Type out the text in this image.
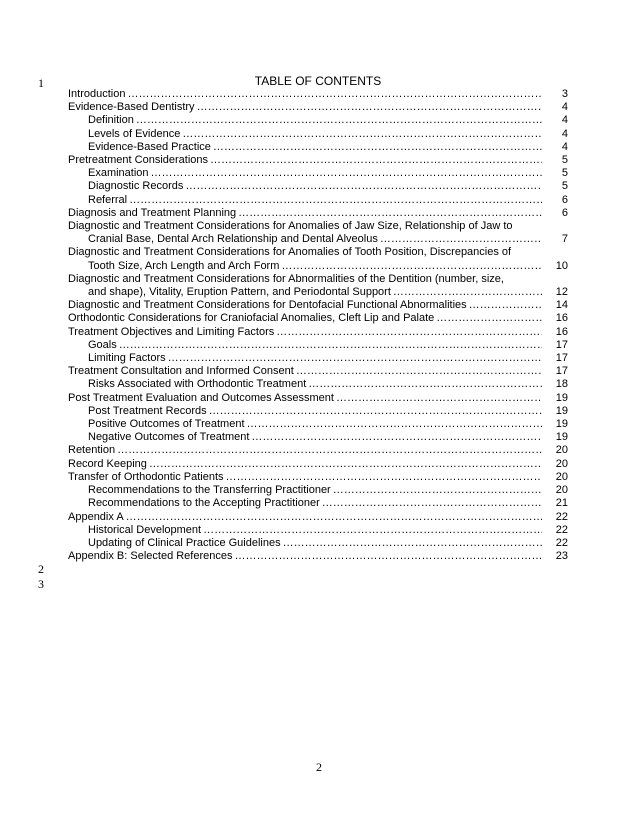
1
2
3
TABLE OF CONTENTS
Introduction ……………………………………………………………………………………………………………………………………………………	3
Evidence-Based Dentistry ……………………………………………………………………………………………………………………………………………………	4
Definition ……………………………………………………………………………………………………………………………………………………	4
Levels of Evidence ……………………………………………………………………………………………………………………………………………………	4
Evidence-Based Practice ……………………………………………………………………………………………………………………………………………………	4
Pretreatment Considerations ……………………………………………………………………………………………………………………………………………………	5
Examination ……………………………………………………………………………………………………………………………………………………	5
Diagnostic Records ……………………………………………………………………………………………………………………………………………………	5
Referral ……………………………………………………………………………………………………………………………………………………	6
Diagnosis and Treatment Planning ……………………………………………………………………………………………………………………………………………………	6
Diagnostic and Treatment Considerations for Anomalies of Jaw Size, Relationship of Jaw to
Cranial Base, Dental Arch Relationship and Dental Alveolus ……………………………………………………………………………………………………………………………………………………	7
Diagnostic and Treatment Considerations for Anomalies of Tooth Position, Discrepancies of
Tooth Size, Arch Length and Arch Form ……………………………………………………………………………………………………………………………………………………	10
Diagnostic and Treatment Considerations for Abnormalities of the Dentition (number, size,
and shape), Vitality, Eruption Pattern, and Periodontal Support ……………………………………………………………………………………………………………………………………………………	12
Diagnostic and Treatment Considerations for Dentofacial Functional Abnormalities ……………………………………………………………………………………………………………………………………………………	14
Orthodontic Considerations for Craniofacial Anomalies, Cleft Lip and Palate ……………………………………………………………………………………………………………………………………………………	16
Treatment Objectives and Limiting Factors ……………………………………………………………………………………………………………………………………………………	16
Goals ……………………………………………………………………………………………………………………………………………………	17
Limiting Factors ……………………………………………………………………………………………………………………………………………………	17
Treatment Consultation and Informed Consent ……………………………………………………………………………………………………………………………………………………	17
Risks Associated with Orthodontic Treatment ……………………………………………………………………………………………………………………………………………………	18
Post Treatment Evaluation and Outcomes Assessment ……………………………………………………………………………………………………………………………………………………	19
Post Treatment Records ……………………………………………………………………………………………………………………………………………………	19
Positive Outcomes of Treatment ……………………………………………………………………………………………………………………………………………………	19
Negative Outcomes of Treatment ……………………………………………………………………………………………………………………………………………………	19
Retention ……………………………………………………………………………………………………………………………………………………	20
Record Keeping ……………………………………………………………………………………………………………………………………………………	20
Transfer of Orthodontic Patients ……………………………………………………………………………………………………………………………………………………	20
Recommendations to the Transferring Practitioner ……………………………………………………………………………………………………………………………………………………	20
Recommendations to the Accepting Practitioner ……………………………………………………………………………………………………………………………………………………	21
Appendix A ……………………………………………………………………………………………………………………………………………………	22
Historical Development ……………………………………………………………………………………………………………………………………………………	22
Updating of Clinical Practice Guidelines ……………………………………………………………………………………………………………………………………………………	22
Appendix B: Selected References ……………………………………………………………………………………………………………………………………………………	23
2
